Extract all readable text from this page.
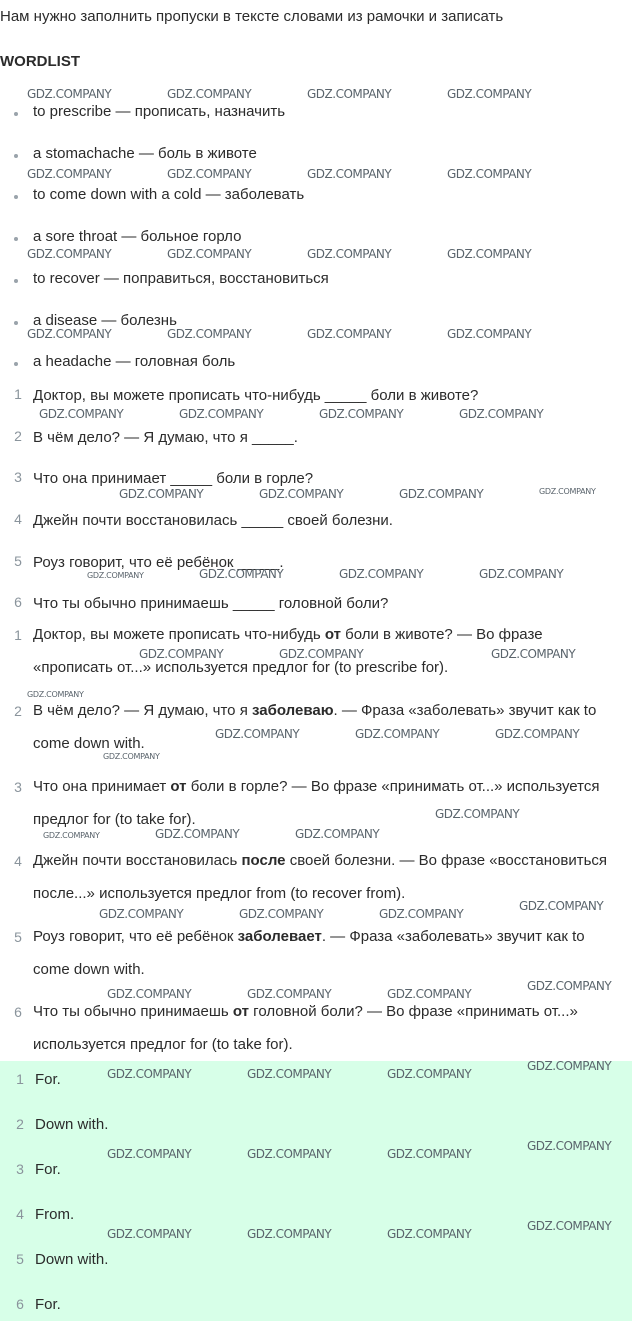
Нам нужно заполнить пропуски в тексте словами из рамочки и записать
WORDLIST
to prescribe — прописать, назначить
a stomachache — боль в животе
to come down with a cold — заболевать
a sore throat — больное горло
to recover — поправиться, восстановиться
a disease — болезнь
a headache — головная боль
1 Доктор, вы можете прописать что-нибудь _____ боли в животе?
2 В чём дело? — Я думаю, что я _____.
3 Что она принимает _____ боли в горле?
4 Джейн почти восстановилась _____ своей болезни.
5 Роуз говорит, что её ребёнок _____.
6 Что ты обычно принимаешь _____ головной боли?
1 Доктор, вы можете прописать что-нибудь от боли в животе? — Во фразе «прописать от...» используется предлог for (to prescribe for).
2 В чём дело? — Я думаю, что я заболеваю. — Фраза «заболевать» звучит как to come down with.
3 Что она принимает от боли в горле? — Во фразе «принимать от...» используется предлог for (to take for).
4 Джейн почти восстановилась после своей болезни. — Во фразе «восстановиться после...» используется предлог from (to recover from).
5 Роуз говорит, что её ребёнок заболевает. — Фраза «заболевать» звучит как to come down with.
6 Что ты обычно принимаешь от головной боли? — Во фразе «принимать от...» используется предлог for (to take for).
1 For.
2 Down with.
3 For.
4 From.
5 Down with.
6 For.
GDZ.COMPANY	GDZ.COMPANY	GDZ.COMPANY	GDZ.COMPANY
GDZ.COMPANY	GDZ.COMPANY	GDZ.COMPANY	GDZ.COMPANY
GDZ.COMPANY	GDZ.COMPANY	GDZ.COMPANY	GDZ.COMPANY
GDZ.COMPANY	GDZ.COMPANY	GDZ.COMPANY	GDZ.COMPANY
GDZ.COMPANY	GDZ.COMPANY	GDZ.COMPANY	GDZ.COMPANY
GDZ.COMPANY	GDZ.COMPANY	GDZ.COMPANY	GDZ.COMPANY
GDZ.COMPANY	GDZ.COMPANY	GDZ.COMPANY	GDZ.COMPANY
GDZ.COMPANY	GDZ.COMPANY	GDZ.COMPANY
GDZ.COMPANY
GDZ.COMPANY	GDZ.COMPANY	GDZ.COMPANY
GDZ.COMPANY
GDZ.COMPANY
GDZ.COMPANY	GDZ.COMPANY	GDZ.COMPANY
GDZ.COMPANY
GDZ.COMPANY	GDZ.COMPANY	GDZ.COMPANY
GDZ.COMPANY
GDZ.COMPANY	GDZ.COMPANY	GDZ.COMPANY
GDZ.COMPANY
GDZ.COMPANY	GDZ.COMPANY	GDZ.COMPANY
GDZ.COMPANY
GDZ.COMPANY	GDZ.COMPANY	GDZ.COMPANY
GDZ.COMPANY
GDZ.COMPANY	GDZ.COMPANY	GDZ.COMPANY
